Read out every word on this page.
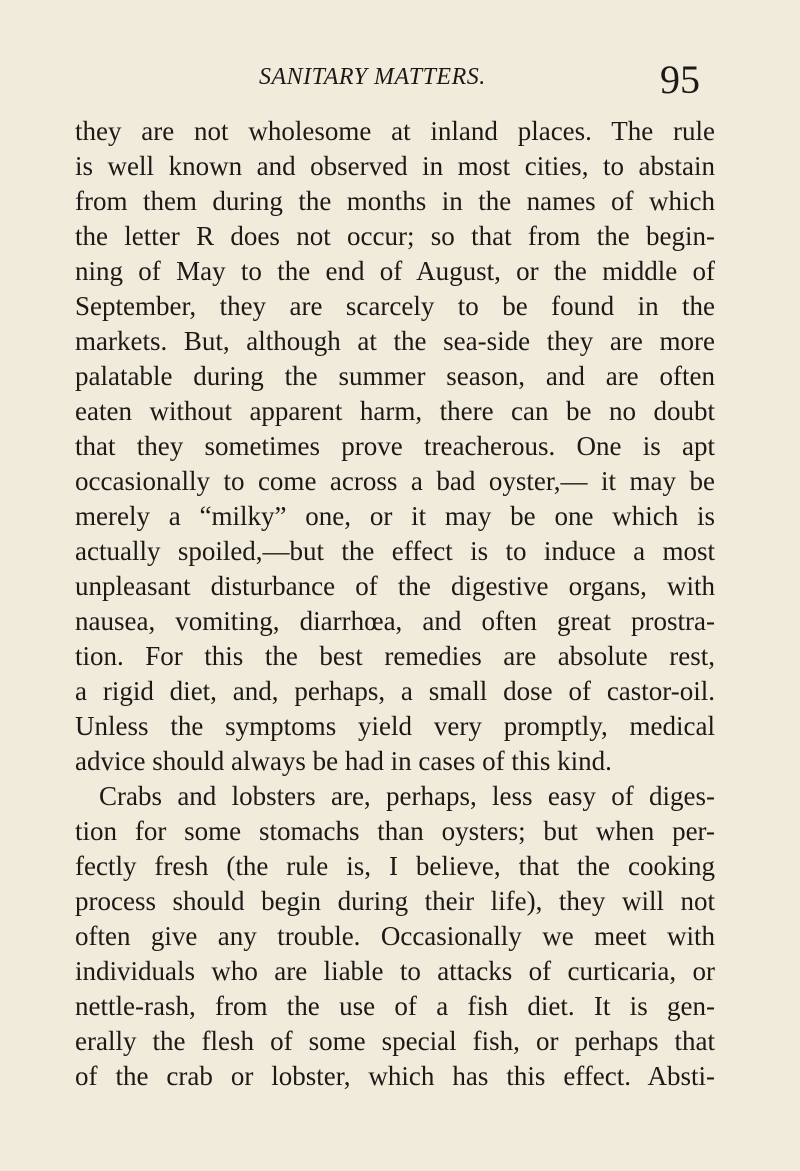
SANITARY MATTERS.	95
they are not wholesome at inland places. The rule
is well known and observed in most cities, to abstain
from them during the months in the names of which
the letter R does not occur; so that from the begin-
ning of May to the end of August, or the middle of
September, they are scarcely to be found in the
markets. But, although at the sea-side they are more
palatable during the summer season, and are often
eaten without apparent harm, there can be no doubt
that they sometimes prove treacherous. One is apt
occasionally to come across a bad oyster,— it may be
merely a “milky” one, or it may be one which is
actually spoiled,—but the effect is to induce a most
unpleasant disturbance of the digestive organs, with
nausea, vomiting, diarrhœa, and often great prostra-
tion. For this the best remedies are absolute rest,
a rigid diet, and, perhaps, a small dose of castor-oil.
Unless the symptoms yield very promptly, medical
advice should always be had in cases of this kind.
Crabs and lobsters are, perhaps, less easy of diges-
tion for some stomachs than oysters; but when per-
fectly fresh (the rule is, I believe, that the cooking
process should begin during their life), they will not
often give any trouble. Occasionally we meet with
individuals who are liable to attacks of curticaria, or
nettle-rash, from the use of a fish diet. It is gen-
erally the flesh of some special fish, or perhaps that
of the crab or lobster, which has this effect. Absti-
